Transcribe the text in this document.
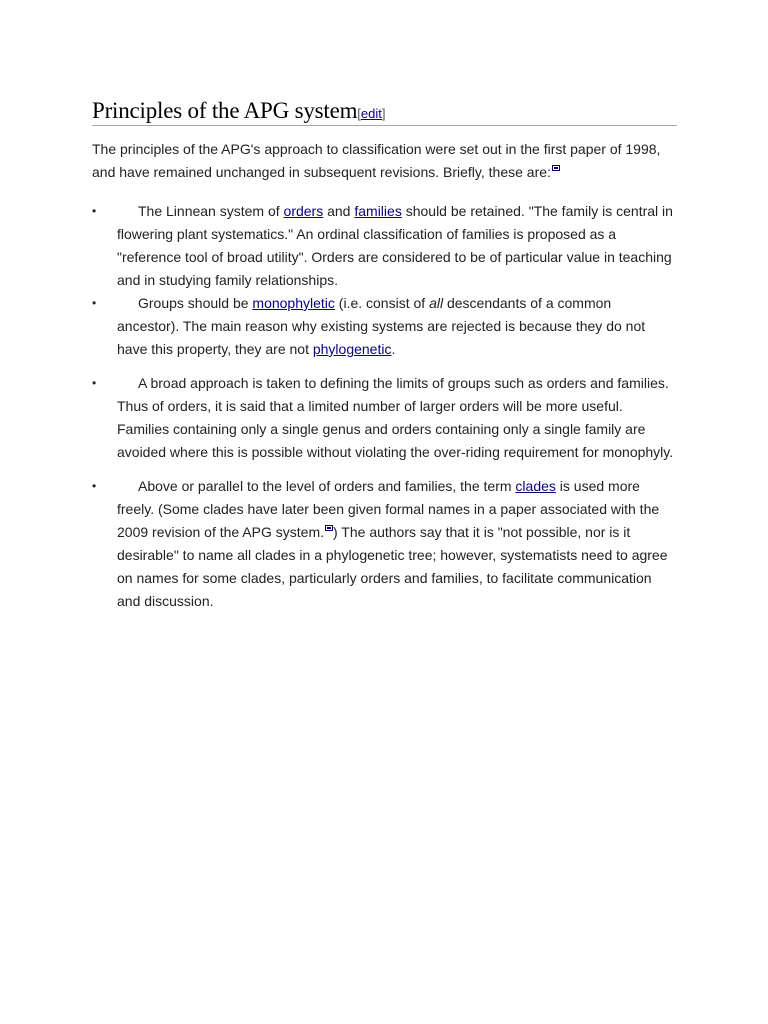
Principles of the APG system[edit]

The principles of the APG's approach to classification were set out in the first paper of 1998, and have remained unchanged in subsequent revisions. Briefly, these are:

•	The Linnean system of orders and families should be retained. "The family is central in flowering plant systematics." An ordinal classification of families is proposed as a "reference tool of broad utility". Orders are considered to be of particular value in teaching and in studying family relationships.
•	Groups should be monophyletic (i.e. consist of all descendants of a common ancestor). The main reason why existing systems are rejected is because they do not have this property, they are not phylogenetic.
•	A broad approach is taken to defining the limits of groups such as orders and families. Thus of orders, it is said that a limited number of larger orders will be more useful. Families containing only a single genus and orders containing only a single family are avoided where this is possible without violating the over-riding requirement for monophyly.
•	Above or parallel to the level of orders and families, the term clades is used more freely. (Some clades have later been given formal names in a paper associated with the 2009 revision of the APG system. ) The authors say that it is "not possible, nor is it desirable" to name all clades in a phylogenetic tree; however, systematists need to agree on names for some clades, particularly orders and families, to facilitate communication and discussion.
